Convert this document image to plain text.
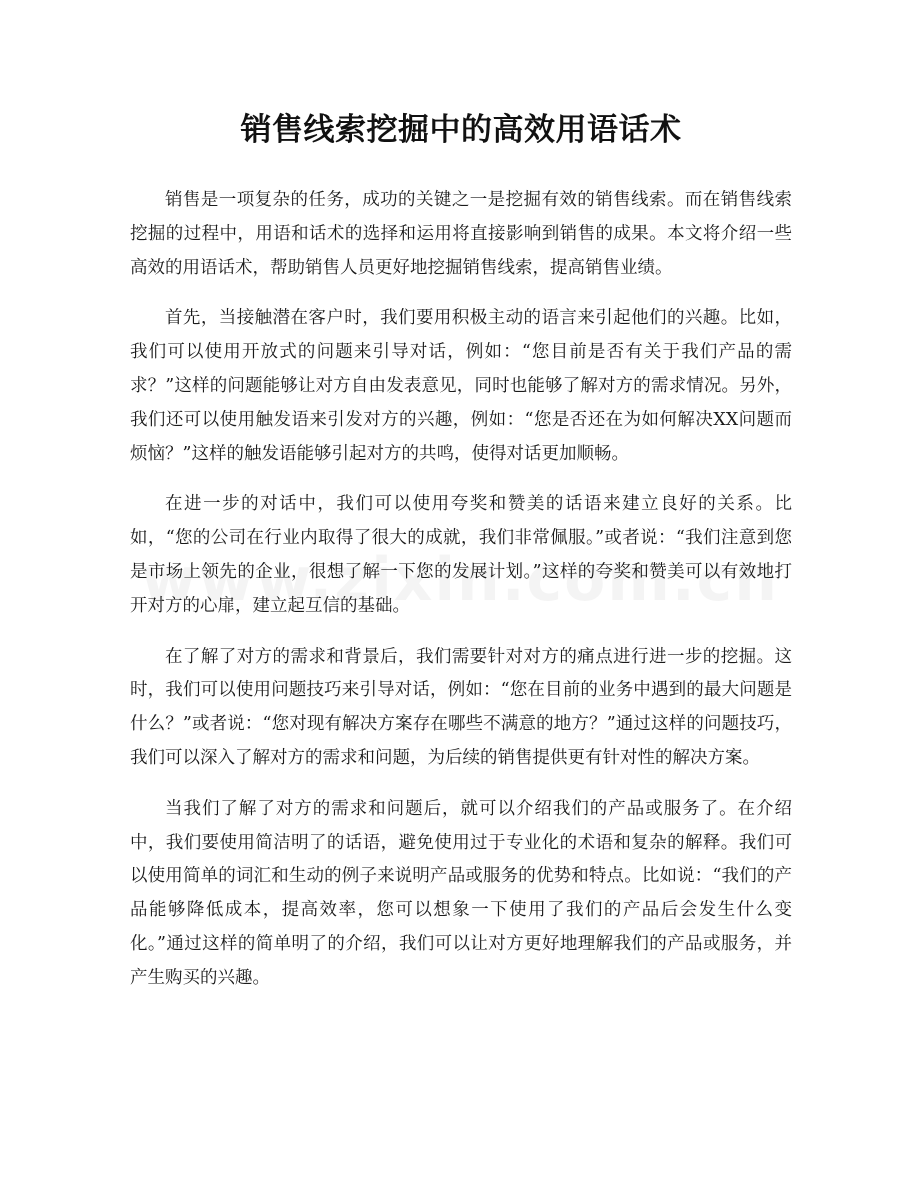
销售线索挖掘中的高效用语话术

销售是一项复杂的任务，成功的关键之一是挖掘有效的销售线索。而在销售线索挖掘的过程中，用语和话术的选择和运用将直接影响到销售的成果。本文将介绍一些高效的用语话术，帮助销售人员更好地挖掘销售线索，提高销售业绩。

首先，当接触潜在客户时，我们要用积极主动的语言来引起他们的兴趣。比如，我们可以使用开放式的问题来引导对话，例如：“您目前是否有关于我们产品的需求？”这样的问题能够让对方自由发表意见，同时也能够了解对方的需求情况。另外，我们还可以使用触发语来引发对方的兴趣，例如：“您是否还在为如何解决XX问题而烦恼？”这样的触发语能够引起对方的共鸣，使得对话更加顺畅。

在进一步的对话中，我们可以使用夸奖和赞美的话语来建立良好的关系。比如，“您的公司在行业内取得了很大的成就，我们非常佩服。”或者说：“我们注意到您是市场上领先的企业，很想了解一下您的发展计划。”这样的夸奖和赞美可以有效地打开对方的心扉，建立起互信的基础。

在了解了对方的需求和背景后，我们需要针对对方的痛点进行进一步的挖掘。这时，我们可以使用问题技巧来引导对话，例如：“您在目前的业务中遇到的最大问题是什么？”或者说：“您对现有解决方案存在哪些不满意的地方？”通过这样的问题技巧，我们可以深入了解对方的需求和问题，为后续的销售提供更有针对性的解决方案。

当我们了解了对方的需求和问题后，就可以介绍我们的产品或服务了。在介绍中，我们要使用简洁明了的话语，避免使用过于专业化的术语和复杂的解释。我们可以使用简单的词汇和生动的例子来说明产品或服务的优势和特点。比如说：“我们的产品能够降低成本，提高效率，您可以想象一下使用了我们的产品后会发生什么变化。”通过这样的简单明了的介绍，我们可以让对方更好地理解我们的产品或服务，并产生购买的兴趣。
